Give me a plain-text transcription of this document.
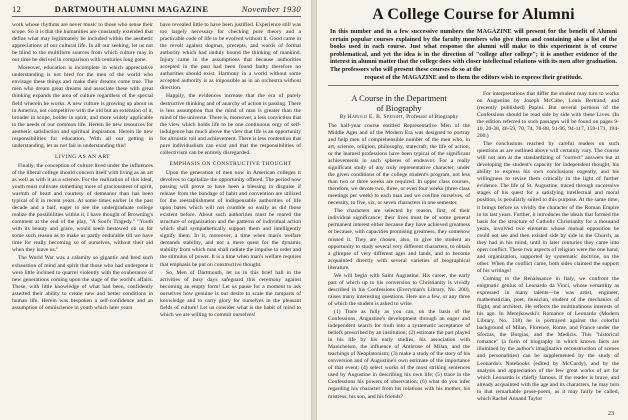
12	DARTMOUTH ALUMNI MAGAZINE	November 1930

work whose rhythms are never music to those who sense their scope. So it is that the humanities are constantly extended that define what may legitimately be included within the aesthetic appreciations of our cultural life. In all our seeking, let us not be blind to the multiform sources from which culture may in our time be derived in comparison with centuries long gone.

Moreover, education is incomplete in which appreciative understanding is not bred for the men of the world who envisage these things and make their dreams come true. The men who dream great dreams and associate these with great thinking expands the area of culture regardless of the special field wherein he works. A new culture is growing up about us in America, not competitive with the old but an extension of it, broader in scope, bolder in spirit, and more widely applicable to the needs of our common life. Herein lie new resources for aesthetic satisfaction and spiritual inspiration. Herein lie new responsibilities for education. With all our getting in understanding, let us not fail in understanding this!

LIVING AS AN ART

Finally, the conception of culture lived under the influences of the liberal college should concern itself with living as an art as well as with it as a science. For the realization of this ideal, youth must cultivate something more of graciousness of spirit, warmth of heart and courtesy of demeanor than has been typical of it in recent years. At some times earlier in the past decade and a half, eager to see the undergraduate college realize the possibilities within it, I have thought of Browning's comment at the end of the play, "A Soul's Tragedy." "Youth with its beauty and grace, would seem bestowed on us for some such reason as to make us partly endurable till we have time for really becoming so of ourselves, without their aid when they leave us."

The World War was a calamity so gigantic and bred such exhaustion of mind and spirit that those who had undergone it were little inclined to quarrel violently with the exuberance of new generations coming upon the stage of the world's affairs. These, with little knowledge of what had been, confidently asserted their ability to create new and better conditions in human life. Herein was bespoken a self-confidence and an assumption of omniscience in youth which later years

have revealed little to have been justified. Experience still was too largely necessary for checking pure theory and a practicable code of life to be evolved without it. Good came in the revolt against dogmas, precepts, and words of formal authority which had unduly bound the thinking of mankind. Injury came in the assumptions that because authorities accepted in the past had been found faulty therefore no authorities should exist. Harmony in a world without some accepted authority is as impossible as in an orchestra without direction.

Happily, the evidences increase that the era of purely destructive thinking and of anarchy of action is passing. There is less assumption that the mind of man is greater than the mind of the universe. There is, moreover, a less conviction that the view which holds life to be one continuous orgy of self-indulgence has much above the view that life is an opportunity for altruistic toil and achievement. There is less contention that pure individualism can exist and that the responsibilities of collectivism can be entirely disregarded.

EMPHASIS ON CONSTRUCTIVE THOUGHT

Upon the generation of men now in American colleges it devolves to capitalize the opportunity offered. The period now passing will prove to have been a blessing in disguise if release from the bondage of habit and convention are utilized for the reestablishment of indispensable authorities of life upon bases which will not crumble so easily as did those existent before. About such authorities must be reared the structure of organization and the patterns of individual action which shall sympathetically support them and intelligently signify them. In it, moreover, a time when man's welfare demands stability, and not a mere quest for the dynamic stability from which man shall radiate the impulse to order and the stimulus of power. It is a time when man's welfare requires that emphasis be put on constructive thought.

So, Men of Dartmouth, let us in this brief hall in the activities of busy days safeguard this ceremony against becoming an empty form! Let us pause for a moment to ask ourselves how genuine is our desire to scale the ramparts of knowledge and to carry glory for ourselves in the pleasant fields of culture! Let us consider what is the habit of mind to which we are willing to commit ourselves!

A College Course for Alumni
In this number and in a few successive numbers the MAGAZINE will present for the benefit of Alumni certain popular courses explained by the faculty members who give them and containing also a list of the books used in each course. Just what response the alumni will make to this experiment is of course problematical, and yet the idea is in the direction of "college after college"; it is another evidence of the interest in alumni matter that the college does with closer intellectual relations with its men after graduation. The professors who will present these courses do so at the
request of the MAGAZINE and to them the editors wish to express their gratitude.
A Course in the Department
of Biography
By Harold E. B. Speight, Professor of Biography

The half-year course entitled Representative Men of the Middle Ages and of the Modern Era was designed to portray and help men of comprehensible number of the men who, in art, science, religion, philosophy, statecraft, the life of action, or the learned professions have been typical of the significant achievements in such spheres of endeavor. For a really significant study of any truly representative character, under the given conditions of the college student's program, not less than two or three weeks are required. In upper class courses, therefore, we devote two, three, or even four weeks (three class meetings per week) to each man and we confine ourselves, of necessity, to five, six, or seven characters in one semester.

The characters are selected by reason, first, of their individual significance; their lives must be of some general permanent interest either because they have achieved greatness or because, with capacities promising greatness, they somehow missed it. They are chosen, also, to give the student an opportunity to study several very different characters, to obtain a glimpse of very different ages and lands, and to become acquainted directly with several varieties of biographical literature.

We will begin with Saint Augustine. His career, the early part of which up to his conversion to Christianity is vividly described in his Confessions (Everyman's Library, No. 200), raises many interesting questions. Here are a few, or any three of which the student is asked to write.

(1) Trace as fully as you can, on the basis of the Confessions, Augustine's development through an eager and independent search for truth into a systematic acceptance of beliefs prescribed by an institution; (2) estimate the part played in his life by his early studies, his association with Manicheism, the influence of Ambrose of Milan, and the teachings of Neoplatonism; (3) make a study of the story of his conversion and of Augustine's own estimate of the importance of that event; (4) select works of the most striking sentences used by Augustine in describing his own life; (5) trace in the Confessions his powers of observation; (6) what do you infer regarding his character from his relations with his mother, his mistress, his son, and his friends?

For interpretations that differ the student may turn to works on Augustine by Joseph McCabe, Louis Bertrand, and (recently published) Papini. But several portions of the Confessions should be read side by side with these Lives. (In the edition referred to such passages will be found on pages 9-10, 20-38, 46-59, 70, 74, 78-88, 91-96, 94-117, 159-171, 194-200.)

The conclusions reached by careful readers on such questions as are outlined above will certainly vary. The course will not aim at the standardizing of "correct" answers but at developing the student's capacity for independent thought, his ability to express his own conclusions cogently, and his willingness to revise them critically in the light of further evidence. The life of St. Augustine, traced through successive stages of his quest for a satisfying intellectual and moral position, is peculiarly suited to this purpose. At the same time, it brings before us vividly the character of the Roman Empire in its last years. Further, it introduces the ideals that formed the basis for the structure of Catholic Christianity for a thousand years, involved two elements whose mutual opposition he could not see and then existed side by side in the Church, as they had in his mind, until in later centuries they came into open conflict. These two aspects of religion were the one hand, and organization, supported by systematic doctrine, on the other. When the conflict came, both sides claimed the support of his writings!

Coming to the Renaissance in Italy, we confront the enigmatic genius of Leonardo da Vinci, whose versatility as expressed in many talents—he was artist, engineer, mathematician, poet, musician, student of the mechanics of flight, and architect. He reflects the multitudinous interests of his age. In Merejkowski's Romance of Leonardo (Modern Library, No. 138) he is portrayed against the colorful background of Milan, Florence, Rome, and France under the Sforzas, the Borgias, and the Medicis. This "historical romance" (a form of biography in which known facts are illumined by the author's imaginative reconstruction of scenes and personalities) can be supplemented by the study of Leonardo's Notebooks (edited by McCurdy), and by the analysis and appreciation of the few great works of art for which Leonardo is chiefly famous. If the reader is brave, and already acquainted with the age and its characters, he may turn to that remarkable prose-poem, as it may fairly be called, which Rachel Annand Taylor

23
